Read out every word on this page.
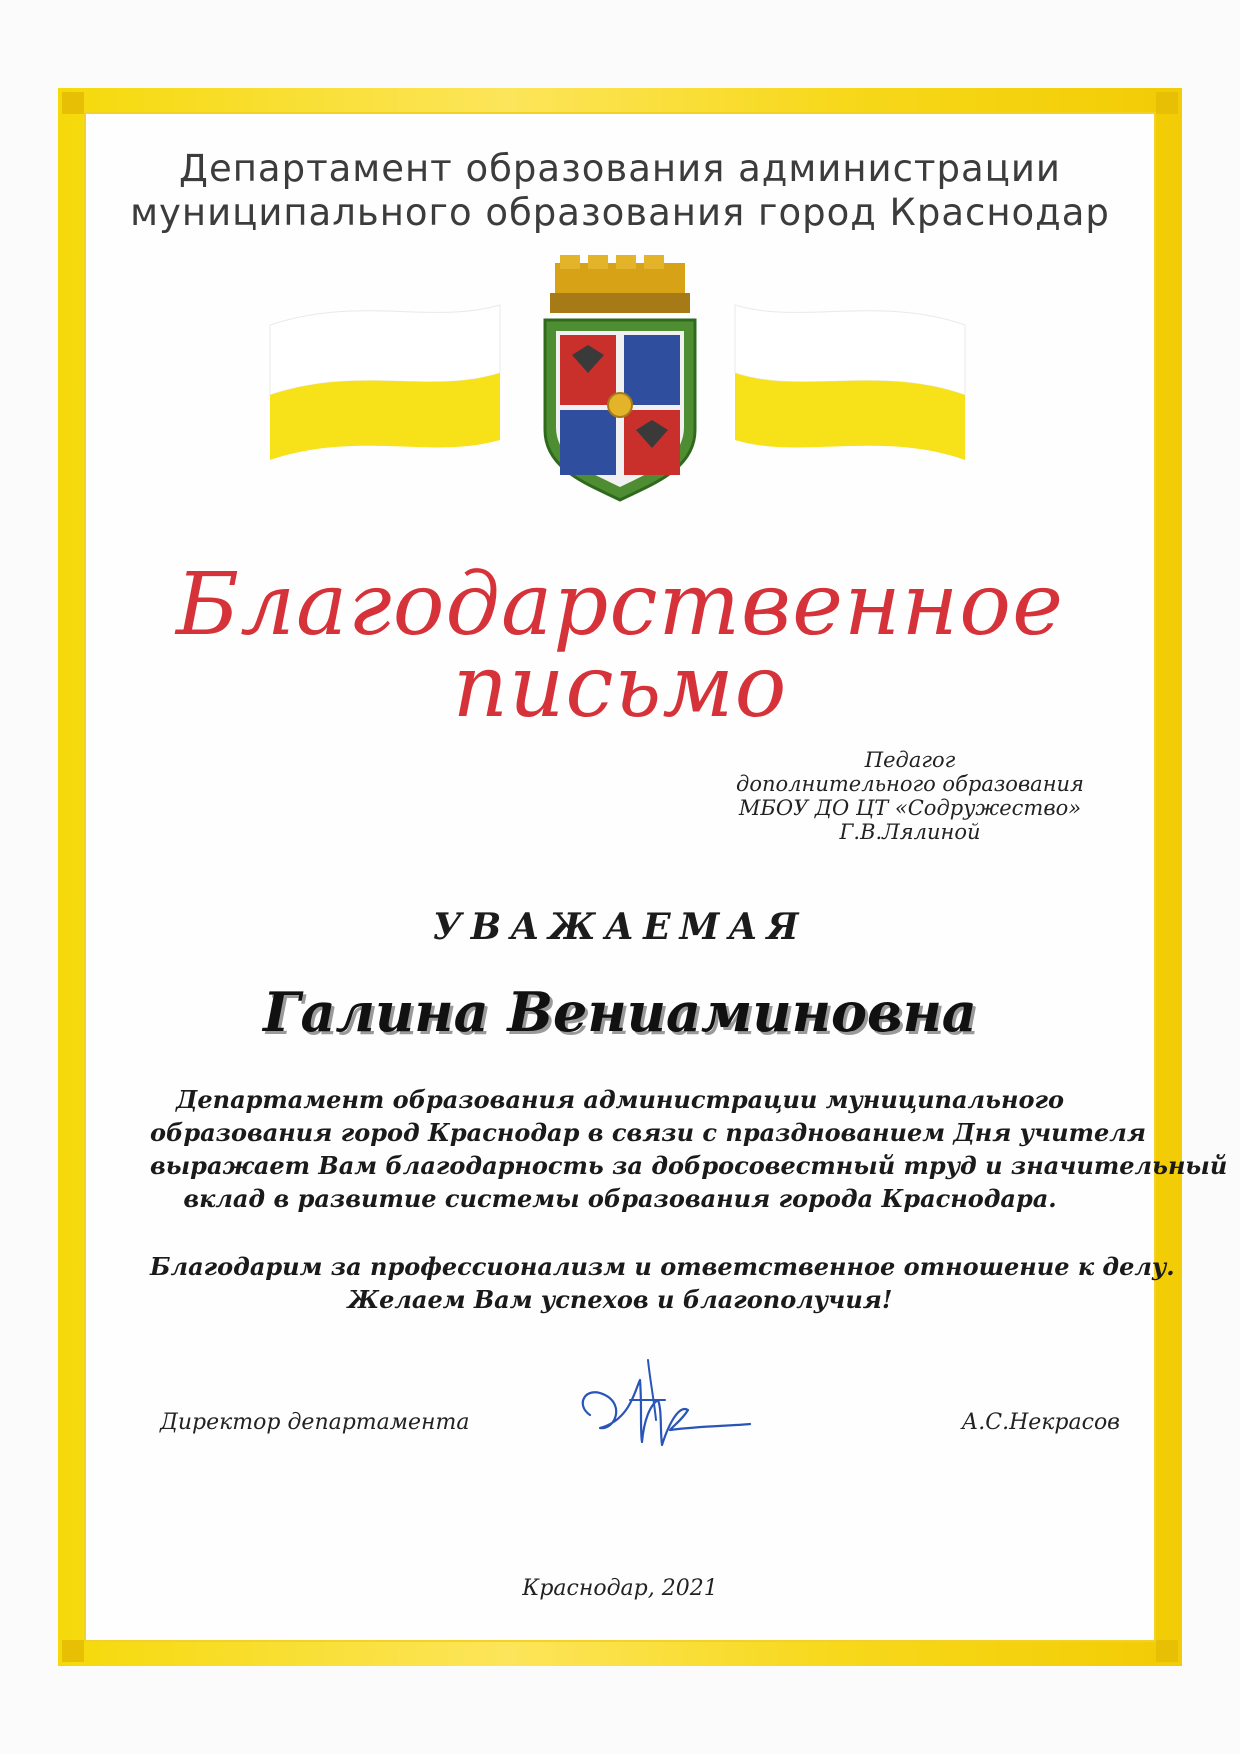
Департамент образования администрации
муниципального образования город Краснодар
Благодарственное
письмо
Педагог
дополнительного образования
МБОУ ДО ЦТ «Содружество»
Г.В.Лялиной
УВАЖАЕМАЯ
Галина Вениаминовна
Департамент образования администрации муниципального
образования город Краснодар в связи с празднованием Дня учителя
выражает Вам благодарность за добросовестный труд и значительный
вклад в развитие системы образования города Краснодара.
Благодарим за профессионализм и ответственное отношение к делу.
Желаем Вам успехов и благополучия!
Директор департамента	А.С.Некрасов
Краснодар, 2021
